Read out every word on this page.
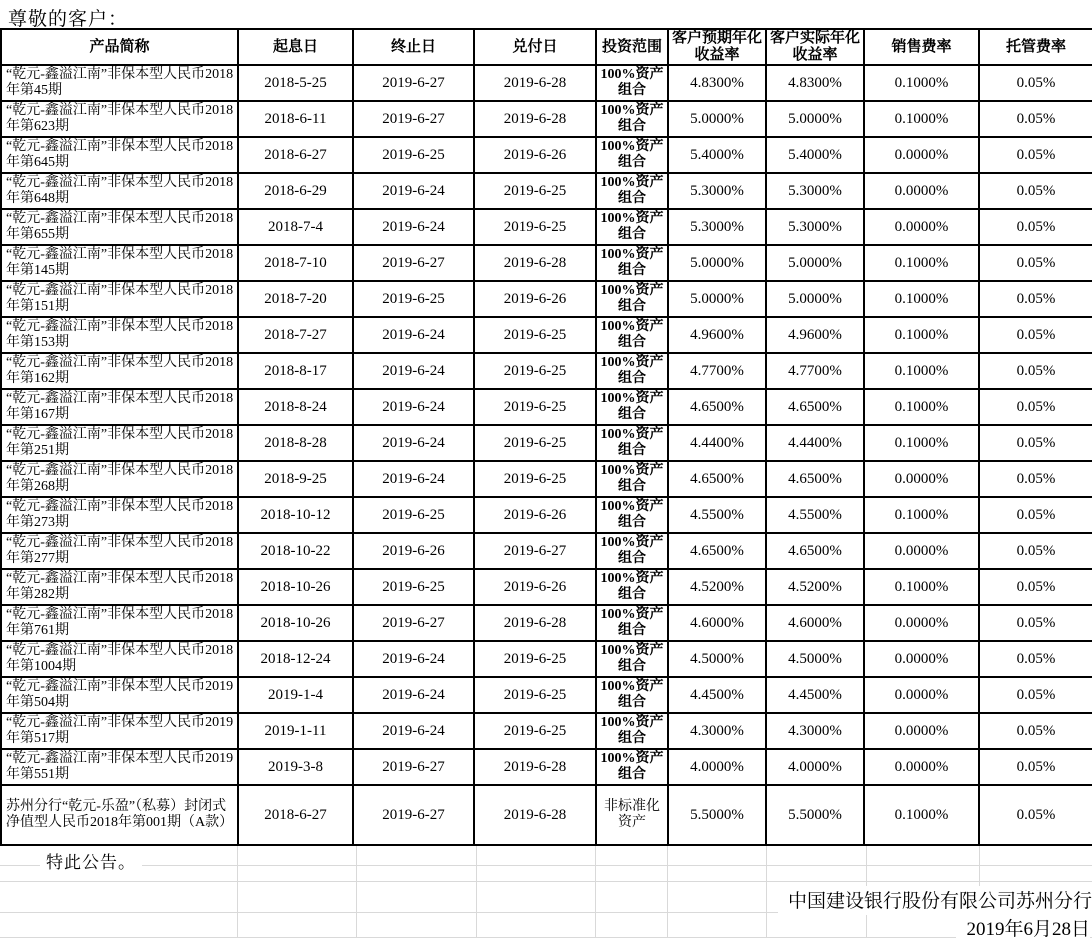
尊敬的客户：
产品简称	起息日	终止日	兑付日	投资范围	客户预期年化收益率	客户实际年化收益率	销售费率	托管费率
“乾元-鑫溢江南”非保本型人民币2018年第45期	2018-5-25	2019-6-27	2019-6-28	100%资产组合	4.8300%	4.8300%	0.1000%	0.05%
“乾元-鑫溢江南”非保本型人民币2018年第623期	2018-6-11	2019-6-27	2019-6-28	100%资产组合	5.0000%	5.0000%	0.1000%	0.05%
“乾元-鑫溢江南”非保本型人民币2018年第645期	2018-6-27	2019-6-25	2019-6-26	100%资产组合	5.4000%	5.4000%	0.0000%	0.05%
“乾元-鑫溢江南”非保本型人民币2018年第648期	2018-6-29	2019-6-24	2019-6-25	100%资产组合	5.3000%	5.3000%	0.0000%	0.05%
“乾元-鑫溢江南”非保本型人民币2018年第655期	2018-7-4	2019-6-24	2019-6-25	100%资产组合	5.3000%	5.3000%	0.0000%	0.05%
“乾元-鑫溢江南”非保本型人民币2018年第145期	2018-7-10	2019-6-27	2019-6-28	100%资产组合	5.0000%	5.0000%	0.1000%	0.05%
“乾元-鑫溢江南”非保本型人民币2018年第151期	2018-7-20	2019-6-25	2019-6-26	100%资产组合	5.0000%	5.0000%	0.1000%	0.05%
“乾元-鑫溢江南”非保本型人民币2018年第153期	2018-7-27	2019-6-24	2019-6-25	100%资产组合	4.9600%	4.9600%	0.1000%	0.05%
“乾元-鑫溢江南”非保本型人民币2018年第162期	2018-8-17	2019-6-24	2019-6-25	100%资产组合	4.7700%	4.7700%	0.1000%	0.05%
“乾元-鑫溢江南”非保本型人民币2018年第167期	2018-8-24	2019-6-24	2019-6-25	100%资产组合	4.6500%	4.6500%	0.1000%	0.05%
“乾元-鑫溢江南”非保本型人民币2018年第251期	2018-8-28	2019-6-24	2019-6-25	100%资产组合	4.4400%	4.4400%	0.1000%	0.05%
“乾元-鑫溢江南”非保本型人民币2018年第268期	2018-9-25	2019-6-24	2019-6-25	100%资产组合	4.6500%	4.6500%	0.0000%	0.05%
“乾元-鑫溢江南”非保本型人民币2018年第273期	2018-10-12	2019-6-25	2019-6-26	100%资产组合	4.5500%	4.5500%	0.1000%	0.05%
“乾元-鑫溢江南”非保本型人民币2018年第277期	2018-10-22	2019-6-26	2019-6-27	100%资产组合	4.6500%	4.6500%	0.0000%	0.05%
“乾元-鑫溢江南”非保本型人民币2018年第282期	2018-10-26	2019-6-25	2019-6-26	100%资产组合	4.5200%	4.5200%	0.1000%	0.05%
“乾元-鑫溢江南”非保本型人民币2018年第761期	2018-10-26	2019-6-27	2019-6-28	100%资产组合	4.6000%	4.6000%	0.0000%	0.05%
“乾元-鑫溢江南”非保本型人民币2018年第1004期	2018-12-24	2019-6-24	2019-6-25	100%资产组合	4.5000%	4.5000%	0.0000%	0.05%
“乾元-鑫溢江南”非保本型人民币2019年第504期	2019-1-4	2019-6-24	2019-6-25	100%资产组合	4.4500%	4.4500%	0.0000%	0.05%
“乾元-鑫溢江南”非保本型人民币2019年第517期	2019-1-11	2019-6-24	2019-6-25	100%资产组合	4.3000%	4.3000%	0.0000%	0.05%
“乾元-鑫溢江南”非保本型人民币2019年第551期	2019-3-8	2019-6-27	2019-6-28	100%资产组合	4.0000%	4.0000%	0.0000%	0.05%
苏州分行“乾元-乐盈”（私募）封闭式净值型人民币2018年第001期（A款）	2018-6-27	2019-6-27	2019-6-28	非标准化资产	5.5000%	5.5000%	0.1000%	0.05%
特此公告。
中国建设银行股份有限公司苏州分行
2019年6月28日
